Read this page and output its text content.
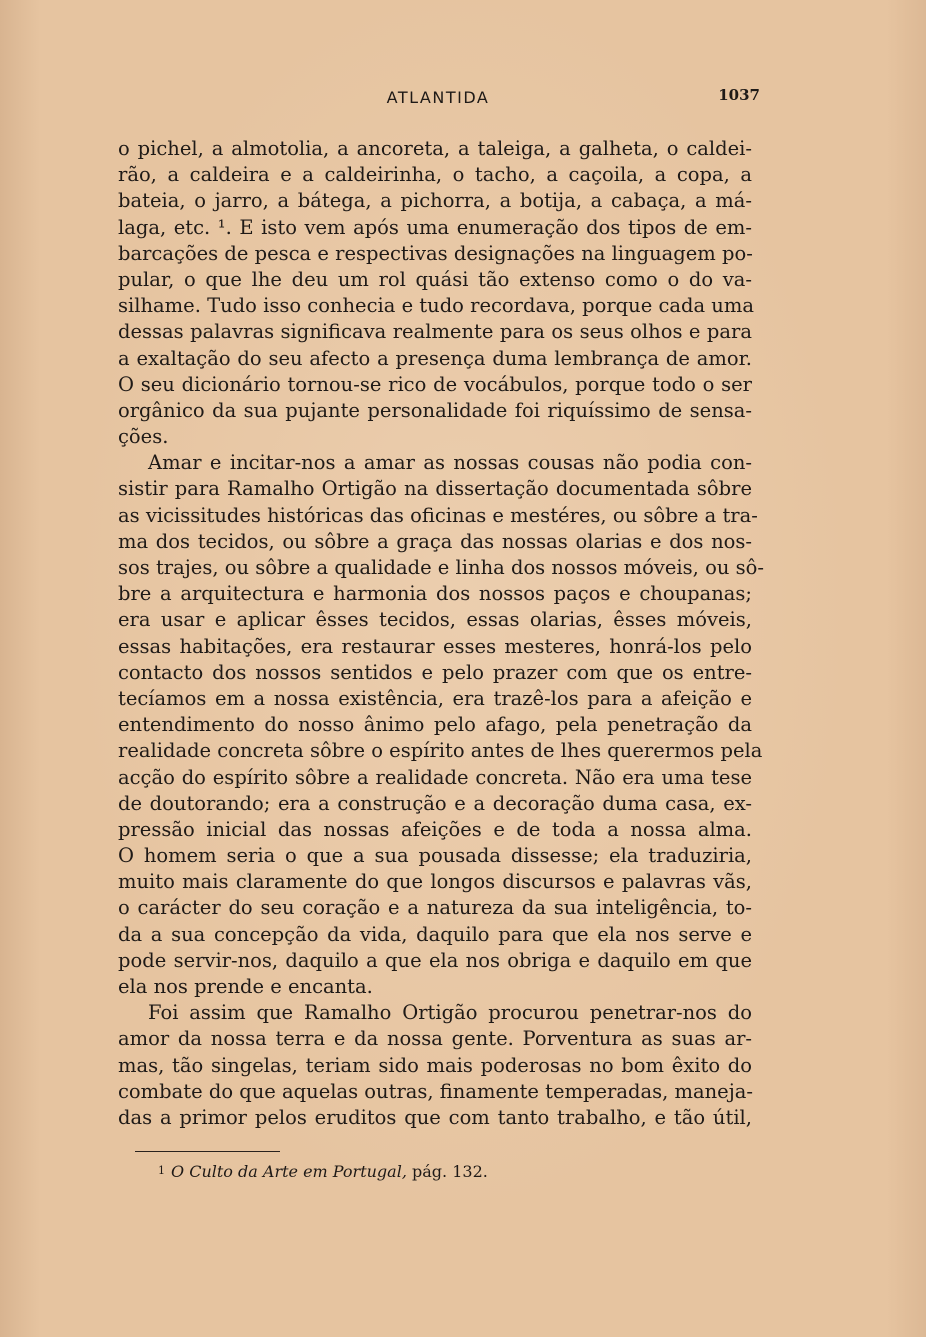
ATLANTIDA	1037
o pichel, a almotolia, a ancoreta, a taleiga, a galheta, o caldei-
rão, a caldeira e a caldeirinha, o tacho, a caçoila, a copa, a
bateia, o jarro, a bátega, a pichorra, a botija, a cabaça, a má-
laga, etc. ¹. E isto vem após uma enumeração dos tipos de em-
barcações de pesca e respectivas designações na linguagem po-
pular, o que lhe deu um rol quási tão extenso como o do va-
silhame. Tudo isso conhecia e tudo recordava, porque cada uma
dessas palavras significava realmente para os seus olhos e para
a exaltação do seu afecto a presença duma lembrança de amor.
O seu dicionário tornou-se rico de vocábulos, porque todo o ser
orgânico da sua pujante personalidade foi riquíssimo de sensa-
ções.
Amar e incitar-nos a amar as nossas cousas não podia con-
sistir para Ramalho Ortigão na dissertação documentada sôbre
as vicissitudes históricas das oficinas e mestéres, ou sôbre a tra-
ma dos tecidos, ou sôbre a graça das nossas olarias e dos nos-
sos trajes, ou sôbre a qualidade e linha dos nossos móveis, ou sô-
bre a arquitectura e harmonia dos nossos paços e choupanas;
era usar e aplicar êsses tecidos, essas olarias, êsses móveis,
essas habitações, era restaurar esses mesteres, honrá-los pelo
contacto dos nossos sentidos e pelo prazer com que os entre-
tecíamos em a nossa existência, era trazê-los para a afeição e
entendimento do nosso ânimo pelo afago, pela penetração da
realidade concreta sôbre o espírito antes de lhes querermos pela
acção do espírito sôbre a realidade concreta. Não era uma tese
de doutorando; era a construção e a decoração duma casa, ex-
pressão inicial das nossas afeições e de toda a nossa alma.
O homem seria o que a sua pousada dissesse; ela traduziria,
muito mais claramente do que longos discursos e palavras vãs,
o carácter do seu coração e a natureza da sua inteligência, to-
da a sua concepção da vida, daquilo para que ela nos serve e
pode servir-nos, daquilo a que ela nos obriga e daquilo em que
ela nos prende e encanta.
Foi assim que Ramalho Ortigão procurou penetrar-nos do
amor da nossa terra e da nossa gente. Porventura as suas ar-
mas, tão singelas, teriam sido mais poderosas no bom êxito do
combate do que aquelas outras, finamente temperadas, maneja-
das a primor pelos eruditos que com tanto trabalho, e tão útil,
1 O Culto da Arte em Portugal, pág. 132.
